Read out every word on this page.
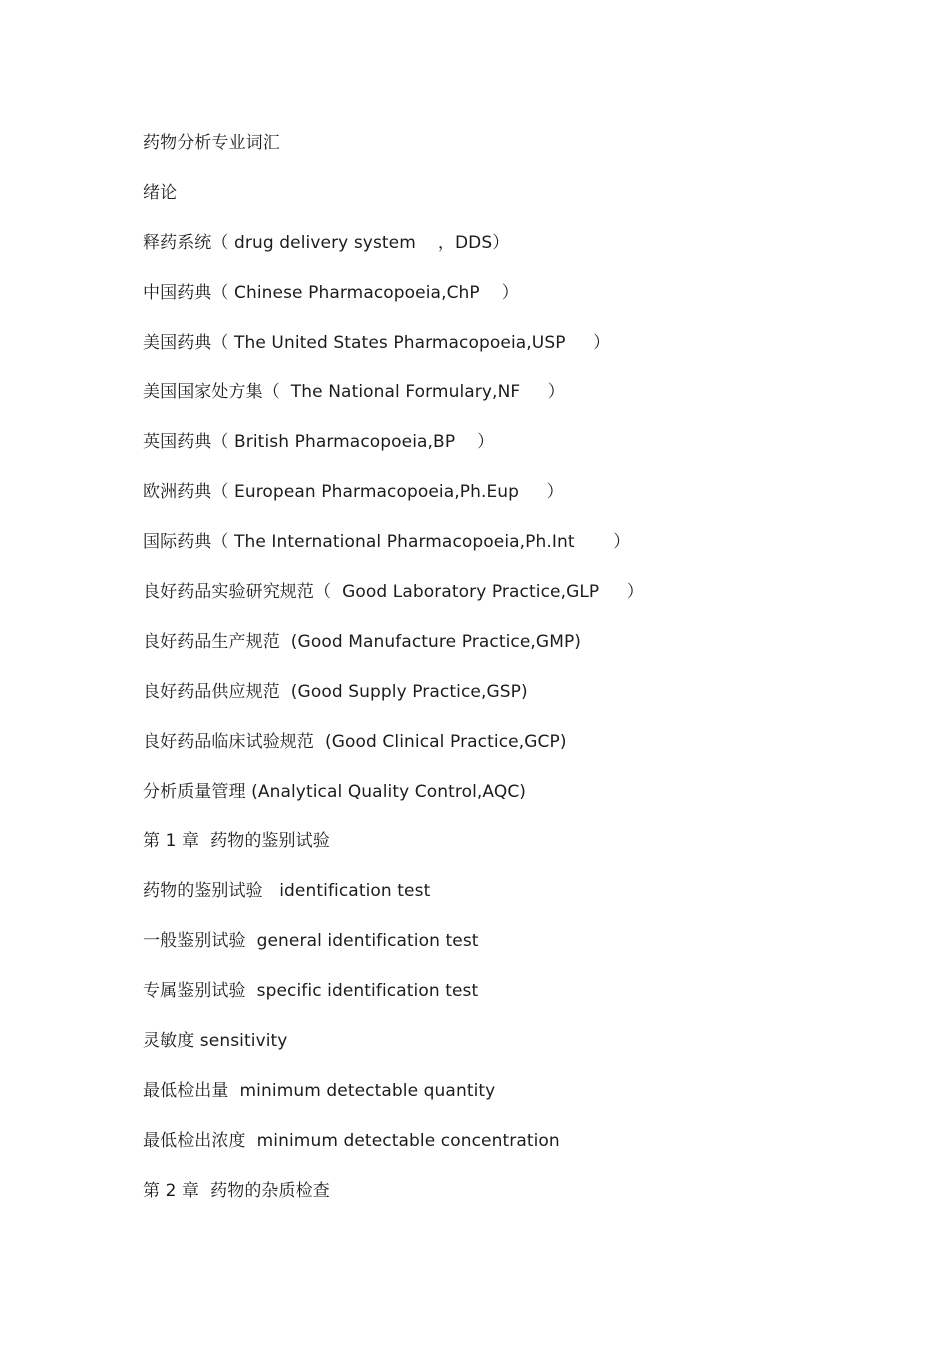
药物分析专业词汇
绪论
释药系统（ drug delivery system    ，DDS）
中国药典（ Chinese Pharmacopoeia,ChP    ）
美国药典（ The United States Pharmacopoeia,USP     ）
美国国家处方集（  The National Formulary,NF     ）
英国药典（ British Pharmacopoeia,BP    ）
欧洲药典（ European Pharmacopoeia,Ph.Eup     ）
国际药典（ The International Pharmacopoeia,Ph.Int       ）
良好药品实验研究规范（  Good Laboratory Practice,GLP     ）
良好药品生产规范  (Good Manufacture Practice,GMP)
良好药品供应规范  (Good Supply Practice,GSP)
良好药品临床试验规范  (Good Clinical Practice,GCP)
分析质量管理 (Analytical Quality Control,AQC)
第 1 章  药物的鉴别试验
药物的鉴别试验   identification test
一般鉴别试验  general identification test
专属鉴别试验  specific identification test
灵敏度 sensitivity
最低检出量  minimum detectable quantity
最低检出浓度  minimum detectable concentration
第 2 章  药物的杂质检查
